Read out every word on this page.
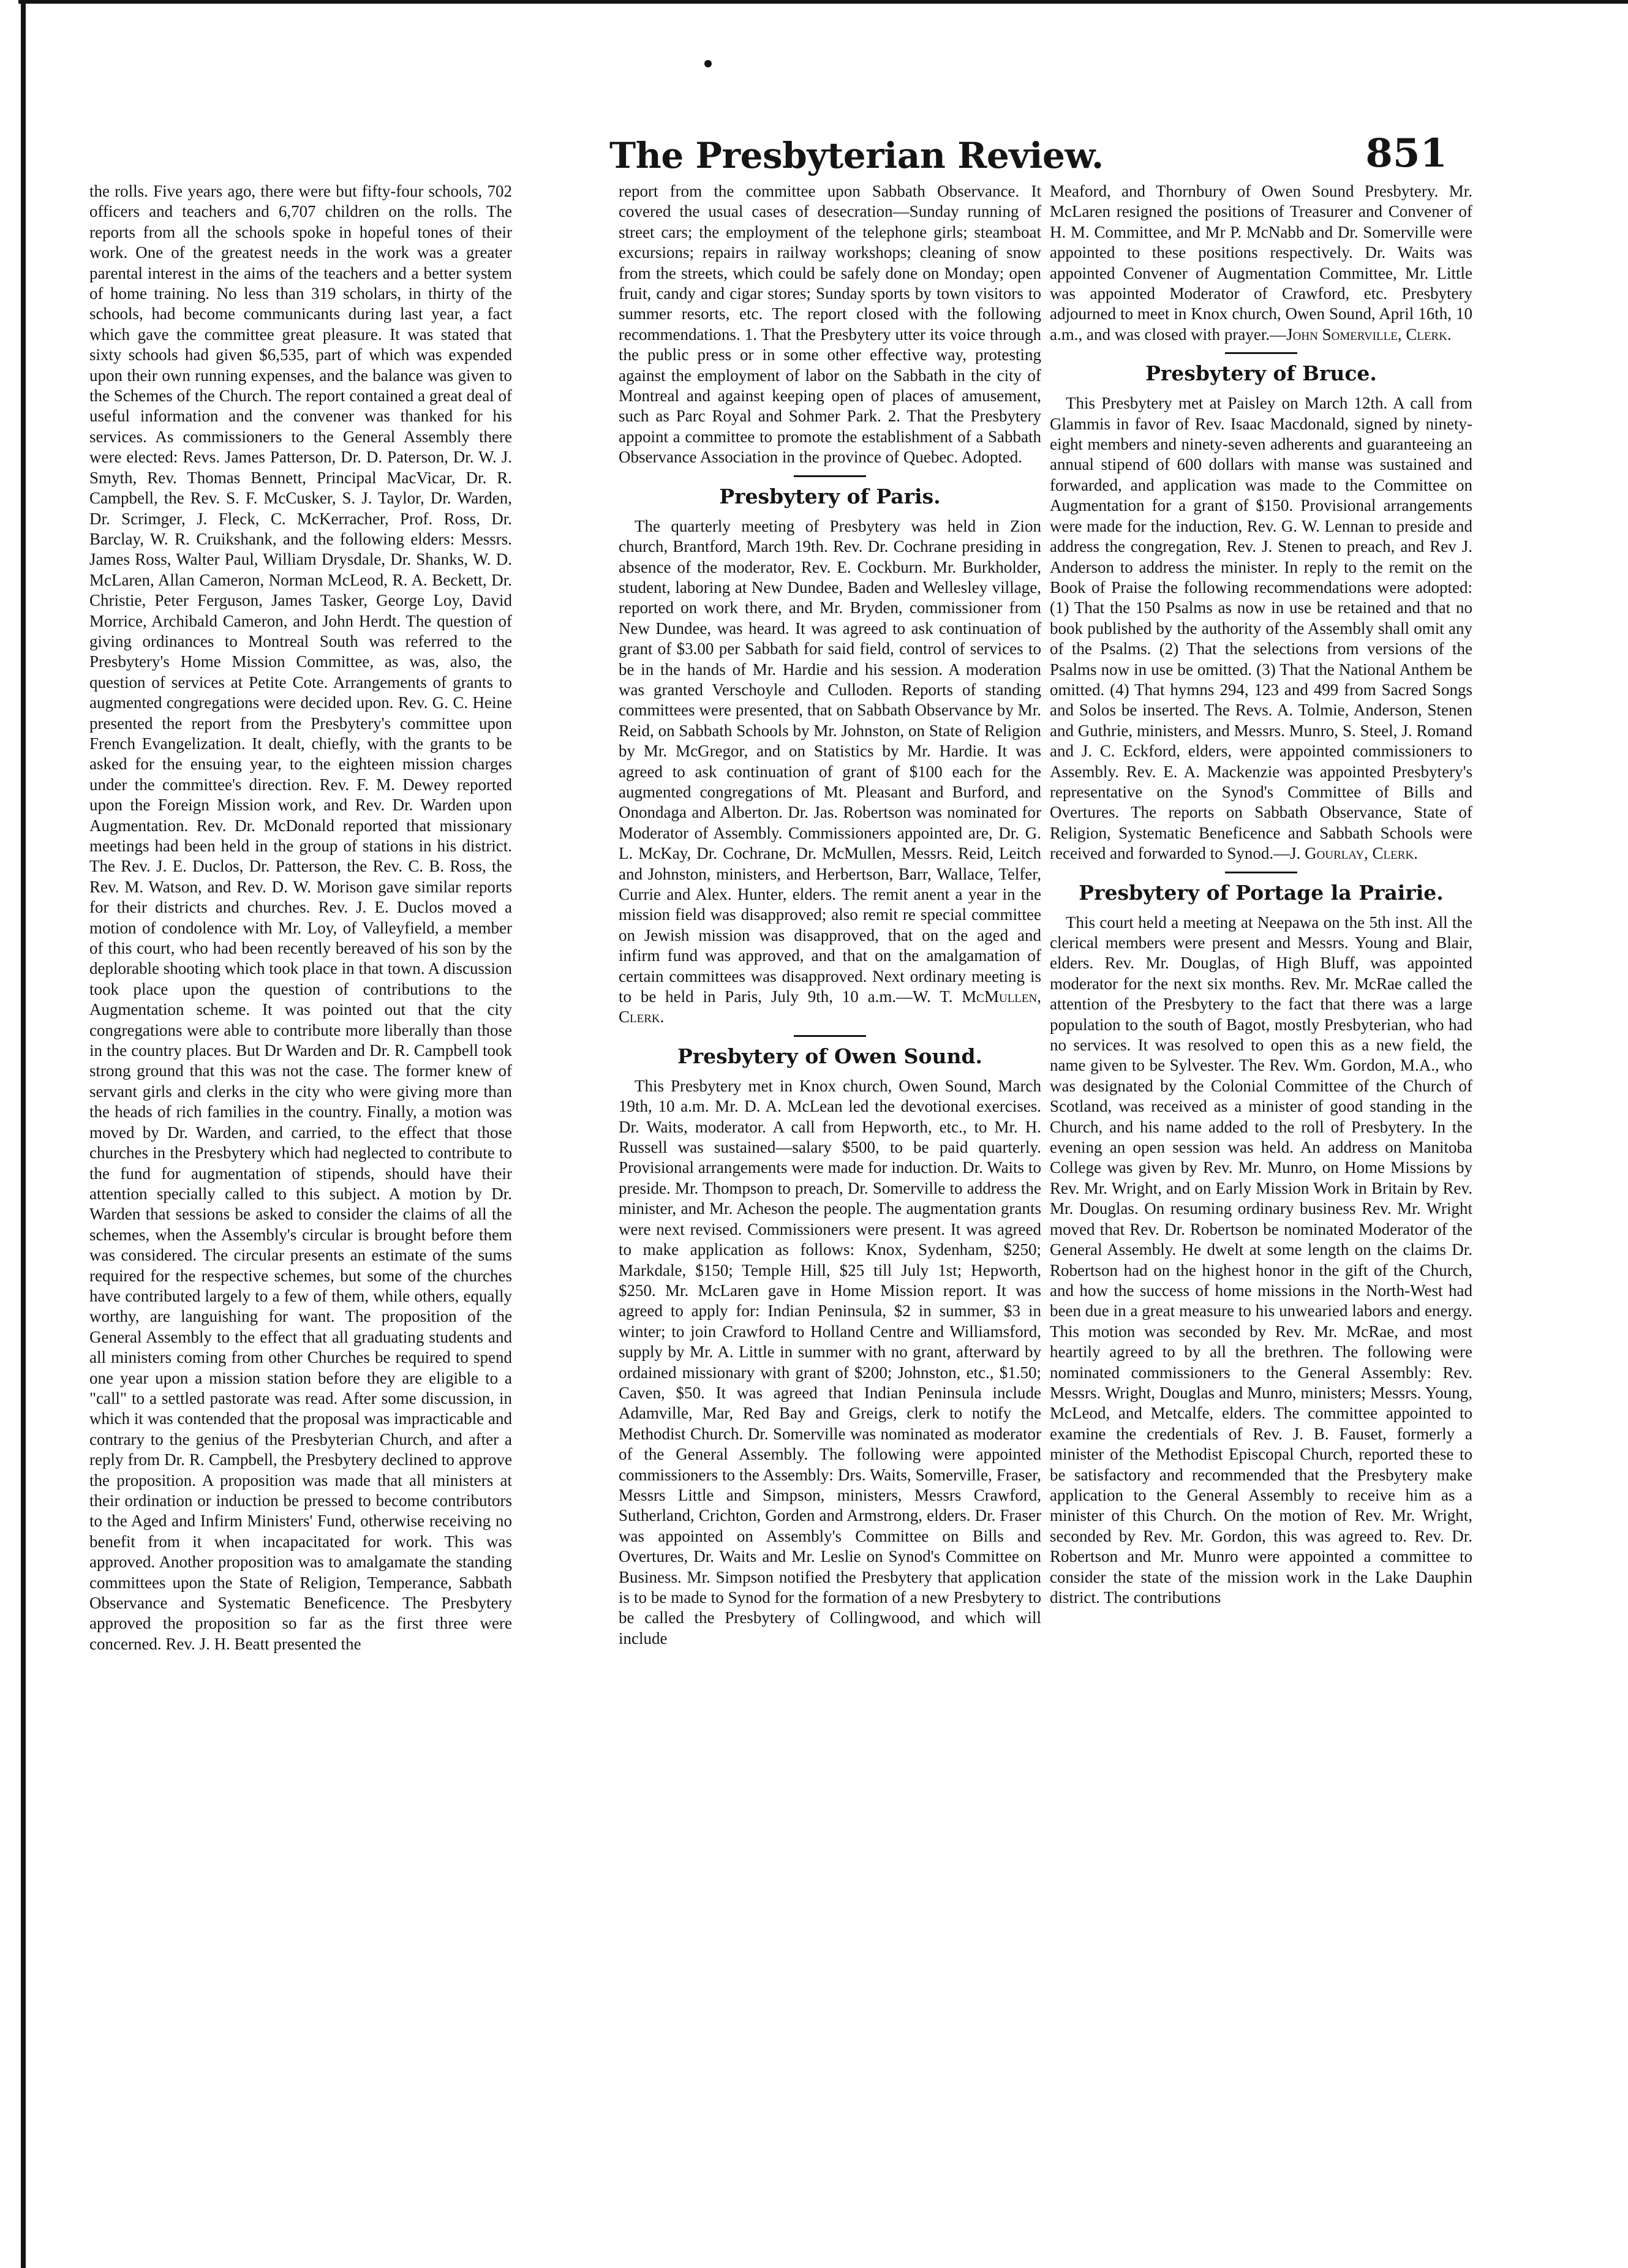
The Presbyterian Review.	851

the rolls. Five years ago, there were but fifty-four schools, 702 officers and teachers and 6,707 children on the rolls. The reports from all the schools spoke in hopeful tones of their work. One of the greatest needs in the work was a greater parental interest in the aims of the teachers and a better system of home training. No less than 319 scholars, in thirty of the schools, had become communicants during last year, a fact which gave the committee great pleasure. It was stated that sixty schools had given $6,535, part of which was expended upon their own running expenses, and the balance was given to the Schemes of the Church. The report contained a great deal of useful information and the convener was thanked for his services. As commissioners to the General Assembly there were elected: Revs. James Patterson, Dr. D. Paterson, Dr. W. J. Smyth, Rev. Thomas Bennett, Principal MacVicar, Dr. R. Campbell, the Rev. S. F. McCusker, S. J. Taylor, Dr. Warden, Dr. Scrimger, J. Fleck, C. McKerracher, Prof. Ross, Dr. Barclay, W. R. Cruikshank, and the following elders: Messrs. James Ross, Walter Paul, William Drysdale, Dr. Shanks, W. D. McLaren, Allan Cameron, Norman McLeod, R. A. Beckett, Dr. Christie, Peter Ferguson, James Tasker, George Loy, David Morrice, Archibald Cameron, and John Herdt. The question of giving ordinances to Montreal South was referred to the Presbytery's Home Mission Committee, as was, also, the question of services at Petite Cote. Arrangements of grants to augmented congregations were decided upon. Rev. G. C. Heine presented the report from the Presbytery's committee upon French Evangelization. It dealt, chiefly, with the grants to be asked for the ensuing year, to the eighteen mission charges under the committee's direction. Rev. F. M. Dewey reported upon the Foreign Mission work, and Rev. Dr. Warden upon Augmentation. Rev. Dr. McDonald reported that missionary meetings had been held in the group of stations in his district. The Rev. J. E. Duclos, Dr. Patterson, the Rev. C. B. Ross, the Rev. M. Watson, and Rev. D. W. Morison gave similar reports for their districts and churches. Rev. J. E. Duclos moved a motion of condolence with Mr. Loy, of Valleyfield, a member of this court, who had been recently bereaved of his son by the deplorable shooting which took place in that town. A discussion took place upon the question of contributions to the Augmentation scheme. It was pointed out that the city congregations were able to contribute more liberally than those in the country places. But Dr Warden and Dr. R. Campbell took strong ground that this was not the case. The former knew of servant girls and clerks in the city who were giving more than the heads of rich families in the country. Finally, a motion was moved by Dr. Warden, and carried, to the effect that those churches in the Presbytery which had neglected to contribute to the fund for augmentation of stipends, should have their attention specially called to this subject. A motion by Dr. Warden that sessions be asked to consider the claims of all the schemes, when the Assembly's circular is brought before them was considered. The circular presents an estimate of the sums required for the respective schemes, but some of the churches have contributed largely to a few of them, while others, equally worthy, are languishing for want. The proposition of the General Assembly to the effect that all graduating students and all ministers coming from other Churches be required to spend one year upon a mission station before they are eligible to a "call" to a settled pastorate was read. After some discussion, in which it was contended that the proposal was impracticable and contrary to the genius of the Presbyterian Church, and after a reply from Dr. R. Campbell, the Presbytery declined to approve the proposition. A proposition was made that all ministers at their ordination or induction be pressed to become contributors to the Aged and Infirm Ministers' Fund, otherwise receiving no benefit from it when incapacitated for work. This was approved. Another proposition was to amalgamate the standing committees upon the State of Religion, Temperance, Sabbath Observance and Systematic Beneficence. The Presbytery approved the proposition so far as the first three were concerned. Rev. J. H. Beatt presented the

report from the committee upon Sabbath Observance. It covered the usual cases of desecration—Sunday running of street cars; the employment of the telephone girls; steamboat excursions; repairs in railway workshops; cleaning of snow from the streets, which could be safely done on Monday; open fruit, candy and cigar stores; Sunday sports by town visitors to summer resorts, etc. The report closed with the following recommendations. 1. That the Presbytery utter its voice through the public press or in some other effective way, protesting against the employment of labor on the Sabbath in the city of Montreal and against keeping open of places of amusement, such as Parc Royal and Sohmer Park. 2. That the Presbytery appoint a committee to promote the establishment of a Sabbath Observance Association in the province of Quebec. Adopted.

Presbytery of Paris.

The quarterly meeting of Presbytery was held in Zion church, Brantford, March 19th. Rev. Dr. Cochrane presiding in absence of the moderator, Rev. E. Cockburn. Mr. Burkholder, student, laboring at New Dundee, Baden and Wellesley village, reported on work there, and Mr. Bryden, commissioner from New Dundee, was heard. It was agreed to ask continuation of grant of $3.00 per Sabbath for said field, control of services to be in the hands of Mr. Hardie and his session. A moderation was granted Verschoyle and Culloden. Reports of standing committees were presented, that on Sabbath Observance by Mr. Reid, on Sabbath Schools by Mr. Johnston, on State of Religion by Mr. McGregor, and on Statistics by Mr. Hardie. It was agreed to ask continuation of grant of $100 each for the augmented congregations of Mt. Pleasant and Burford, and Onondaga and Alberton. Dr. Jas. Robertson was nominated for Moderator of Assembly. Commissioners appointed are, Dr. G. L. McKay, Dr. Cochrane, Dr. McMullen, Messrs. Reid, Leitch and Johnston, ministers, and Herbertson, Barr, Wallace, Telfer, Currie and Alex. Hunter, elders. The remit anent a year in the mission field was disapproved; also remit re special committee on Jewish mission was disapproved, that on the aged and infirm fund was approved, and that on the amalgamation of certain committees was disapproved. Next ordinary meeting is to be held in Paris, July 9th, 10 a.m.—W. T. McMullen, Clerk.

Presbytery of Owen Sound.

This Presbytery met in Knox church, Owen Sound, March 19th, 10 a.m. Mr. D. A. McLean led the devotional exercises. Dr. Waits, moderator. A call from Hepworth, etc., to Mr. H. Russell was sustained—salary $500, to be paid quarterly. Provisional arrangements were made for induction. Dr. Waits to preside. Mr. Thompson to preach, Dr. Somerville to address the minister, and Mr. Acheson the people. The augmentation grants were next revised. Commissioners were present. It was agreed to make application as follows: Knox, Sydenham, $250; Markdale, $150; Temple Hill, $25 till July 1st; Hepworth, $250. Mr. McLaren gave in Home Mission report. It was agreed to apply for: Indian Peninsula, $2 in summer, $3 in winter; to join Crawford to Holland Centre and Williamsford, supply by Mr. A. Little in summer with no grant, afterward by ordained missionary with grant of $200; Johnston, etc., $1.50; Caven, $50. It was agreed that Indian Peninsula include Adamville, Mar, Red Bay and Greigs, clerk to notify the Methodist Church. Dr. Somerville was nominated as moderator of the General Assembly. The following were appointed commissioners to the Assembly: Drs. Waits, Somerville, Fraser, Messrs Little and Simpson, ministers, Messrs Crawford, Sutherland, Crichton, Gorden and Armstrong, elders. Dr. Fraser was appointed on Assembly's Committee on Bills and Overtures, Dr. Waits and Mr. Leslie on Synod's Committee on Business. Mr. Simpson notified the Presbytery that application is to be made to Synod for the formation of a new Presbytery to be called the Presbytery of Collingwood, and which will include

Meaford, and Thornbury of Owen Sound Presbytery. Mr. McLaren resigned the positions of Treasurer and Convener of H. M. Committee, and Mr P. McNabb and Dr. Somerville were appointed to these positions respectively. Dr. Waits was appointed Convener of Augmentation Committee, Mr. Little was appointed Moderator of Crawford, etc. Presbytery adjourned to meet in Knox church, Owen Sound, April 16th, 10 a.m., and was closed with prayer.—John Somerville, Clerk.

Presbytery of Bruce.

This Presbytery met at Paisley on March 12th. A call from Glammis in favor of Rev. Isaac Macdonald, signed by ninety-eight members and ninety-seven adherents and guaranteeing an annual stipend of 600 dollars with manse was sustained and forwarded, and application was made to the Committee on Augmentation for a grant of $150. Provisional arrangements were made for the induction, Rev. G. W. Lennan to preside and address the congregation, Rev. J. Stenen to preach, and Rev J. Anderson to address the minister. In reply to the remit on the Book of Praise the following recommendations were adopted: (1) That the 150 Psalms as now in use be retained and that no book published by the authority of the Assembly shall omit any of the Psalms. (2) That the selections from versions of the Psalms now in use be omitted. (3) That the National Anthem be omitted. (4) That hymns 294, 123 and 499 from Sacred Songs and Solos be inserted. The Revs. A. Tolmie, Anderson, Stenen and Guthrie, ministers, and Messrs. Munro, S. Steel, J. Romand and J. C. Eckford, elders, were appointed commissioners to Assembly. Rev. E. A. Mackenzie was appointed Presbytery's representative on the Synod's Committee of Bills and Overtures. The reports on Sabbath Observance, State of Religion, Systematic Beneficence and Sabbath Schools were received and forwarded to Synod.—J. Gourlay, Clerk.

Presbytery of Portage la Prairie.

This court held a meeting at Neepawa on the 5th inst. All the clerical members were present and Messrs. Young and Blair, elders. Rev. Mr. Douglas, of High Bluff, was appointed moderator for the next six months. Rev. Mr. McRae called the attention of the Presbytery to the fact that there was a large population to the south of Bagot, mostly Presbyterian, who had no services. It was resolved to open this as a new field, the name given to be Sylvester. The Rev. Wm. Gordon, M.A., who was designated by the Colonial Committee of the Church of Scotland, was received as a minister of good standing in the Church, and his name added to the roll of Presbytery. In the evening an open session was held. An address on Manitoba College was given by Rev. Mr. Munro, on Home Missions by Rev. Mr. Wright, and on Early Mission Work in Britain by Rev. Mr. Douglas. On resuming ordinary business Rev. Mr. Wright moved that Rev. Dr. Robertson be nominated Moderator of the General Assembly. He dwelt at some length on the claims Dr. Robertson had on the highest honor in the gift of the Church, and how the success of home missions in the North-West had been due in a great measure to his unwearied labors and energy. This motion was seconded by Rev. Mr. McRae, and most heartily agreed to by all the brethren. The following were nominated commissioners to the General Assembly: Rev. Messrs. Wright, Douglas and Munro, ministers; Messrs. Young, McLeod, and Metcalfe, elders. The committee appointed to examine the credentials of Rev. J. B. Fauset, formerly a minister of the Methodist Episcopal Church, reported these to be satisfactory and recommended that the Presbytery make application to the General Assembly to receive him as a minister of this Church. On the motion of Rev. Mr. Wright, seconded by Rev. Mr. Gordon, this was agreed to. Rev. Dr. Robertson and Mr. Munro were appointed a committee to consider the state of the mission work in the Lake Dauphin district. The contributions
